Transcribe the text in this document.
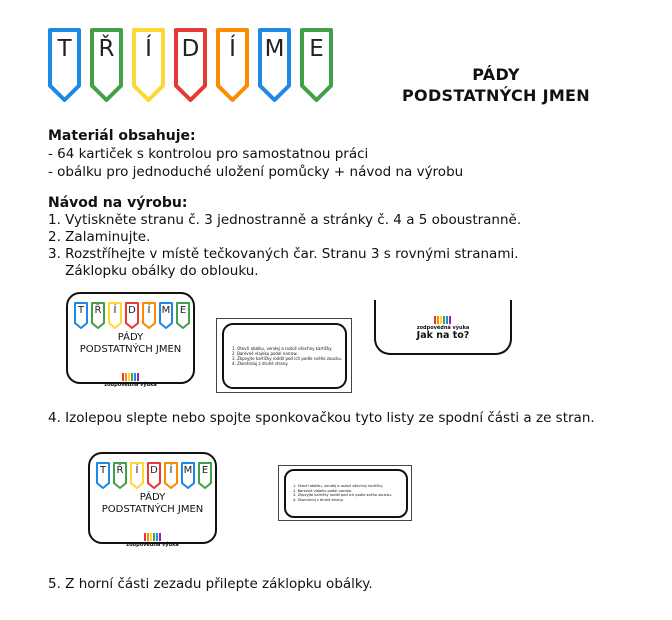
T	Ř	Í	D	Í	M	E
PÁDY
PODSTATNÝCH JMEN
Materiál obsahuje:
- 64 kartiček s kontrolou pro samostatnou práci
- obálku pro jednoduché uložení pomůcky + návod na výrobu
Návod na výrobu:
1. Vytiskněte stranu č. 3 jednostranně a stránky č. 4 a 5 oboustranně.
2. Zalaminujte.
3. Rozstříhejte v místě tečkovaných čar. Stranu 3 s rovnými stranami.
Záklopku obálky do oblouku.
T	Ř	Í	D	Í	M E
PÁDY
PODSTATNÝCH JMEN
zodpovědná výuka
1. Otevři obálku, vendej a rozlož všechny kartičky.
2. Barevné vlajeku podal narrow.
3. Zkpvyjte kartičky roddíl pod ich podle svého zoucku.
4. Zkontroluj z druhé strany.
zodpovědná výuka
Jak na to?
4. Izolepou slepte nebo spojte sponkovačkou tyto listy ze spodní části a ze stran.
T	Ř	Í	D	Í	M E
PÁDY
PODSTATNÝCH JMEN
zodpovědná výuka
1. Otevři obálku, vendej a rozlož všechny kartičky.
2. Barevné vlajeku podal narrow.
3. Zkpvyjte kartičky roddíl pod ich podle svého zoucku.
4. Zkontroluj z druhé strany.
5. Z horní části zezadu přilepte záklopku obálky.
